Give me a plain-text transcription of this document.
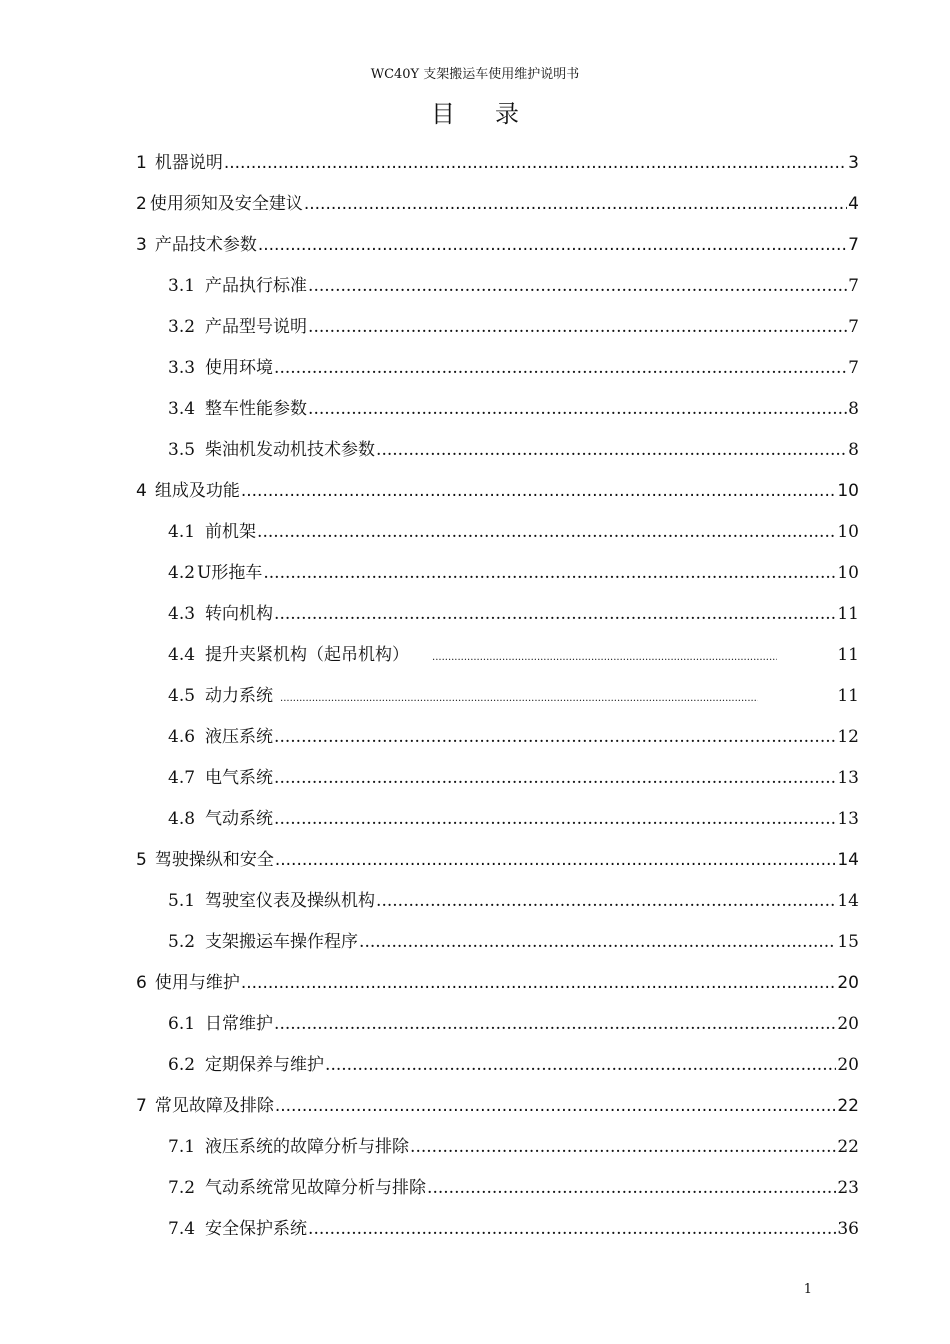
WC40Y 支架搬运车使用维护说明书
目录
1 机器说明 .....	3
2 使用须知及安全建议 .....	4
3 产品技术参数 .....	7
3.1 产品执行标准 .....	7
3.2 产品型号说明 .....	7
3.3 使用环境 .....	7
3.4 整车性能参数 .....	8
3.5 柴油机发动机技术参数 .....	8
4 组成及功能 .....	10
4.1 前机架 .....	10
4.2 U形拖车 .....	10
4.3 转向机构 .....	11
4.4 提升夹紧机构（起吊机构） .....	11
4.5 动力系统 .....	11
4.6 液压系统 .....	12
4.7 电气系统 .....	13
4.8 气动系统 .....	13
5 驾驶操纵和安全 .....	14
5.1 驾驶室仪表及操纵机构 .....	14
5.2 支架搬运车操作程序 .....	15
6 使用与维护 .....	20
6.1 日常维护 .....	20
6.2 定期保养与维护 .....	20
7 常见故障及排除 .....	22
7.1 液压系统的故障分析与排除 .....	22
7.2 气动系统常见故障分析与排除 .....	23
7.4 安全保护系统 .....	36
1
